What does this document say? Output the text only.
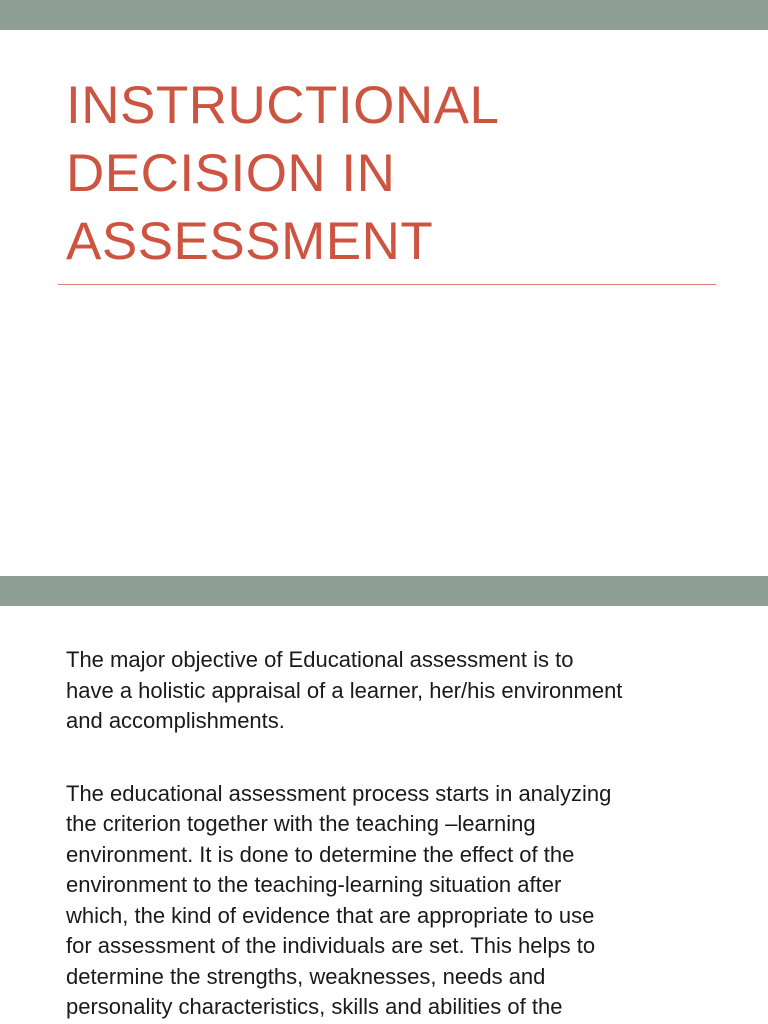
INSTRUCTIONAL
DECISION IN
ASSESSMENT

The major objective of Educational assessment is to
have a holistic appraisal of a learner, her/his environment
and accomplishments.

The educational assessment process starts in analyzing
the criterion together with the teaching –learning
environment. It is done to determine the effect of the
environment to the teaching-learning situation after
which, the kind of evidence that are appropriate to use
for assessment of the individuals are set. This helps to
determine the strengths, weaknesses, needs and
personality characteristics, skills and abilities of the
